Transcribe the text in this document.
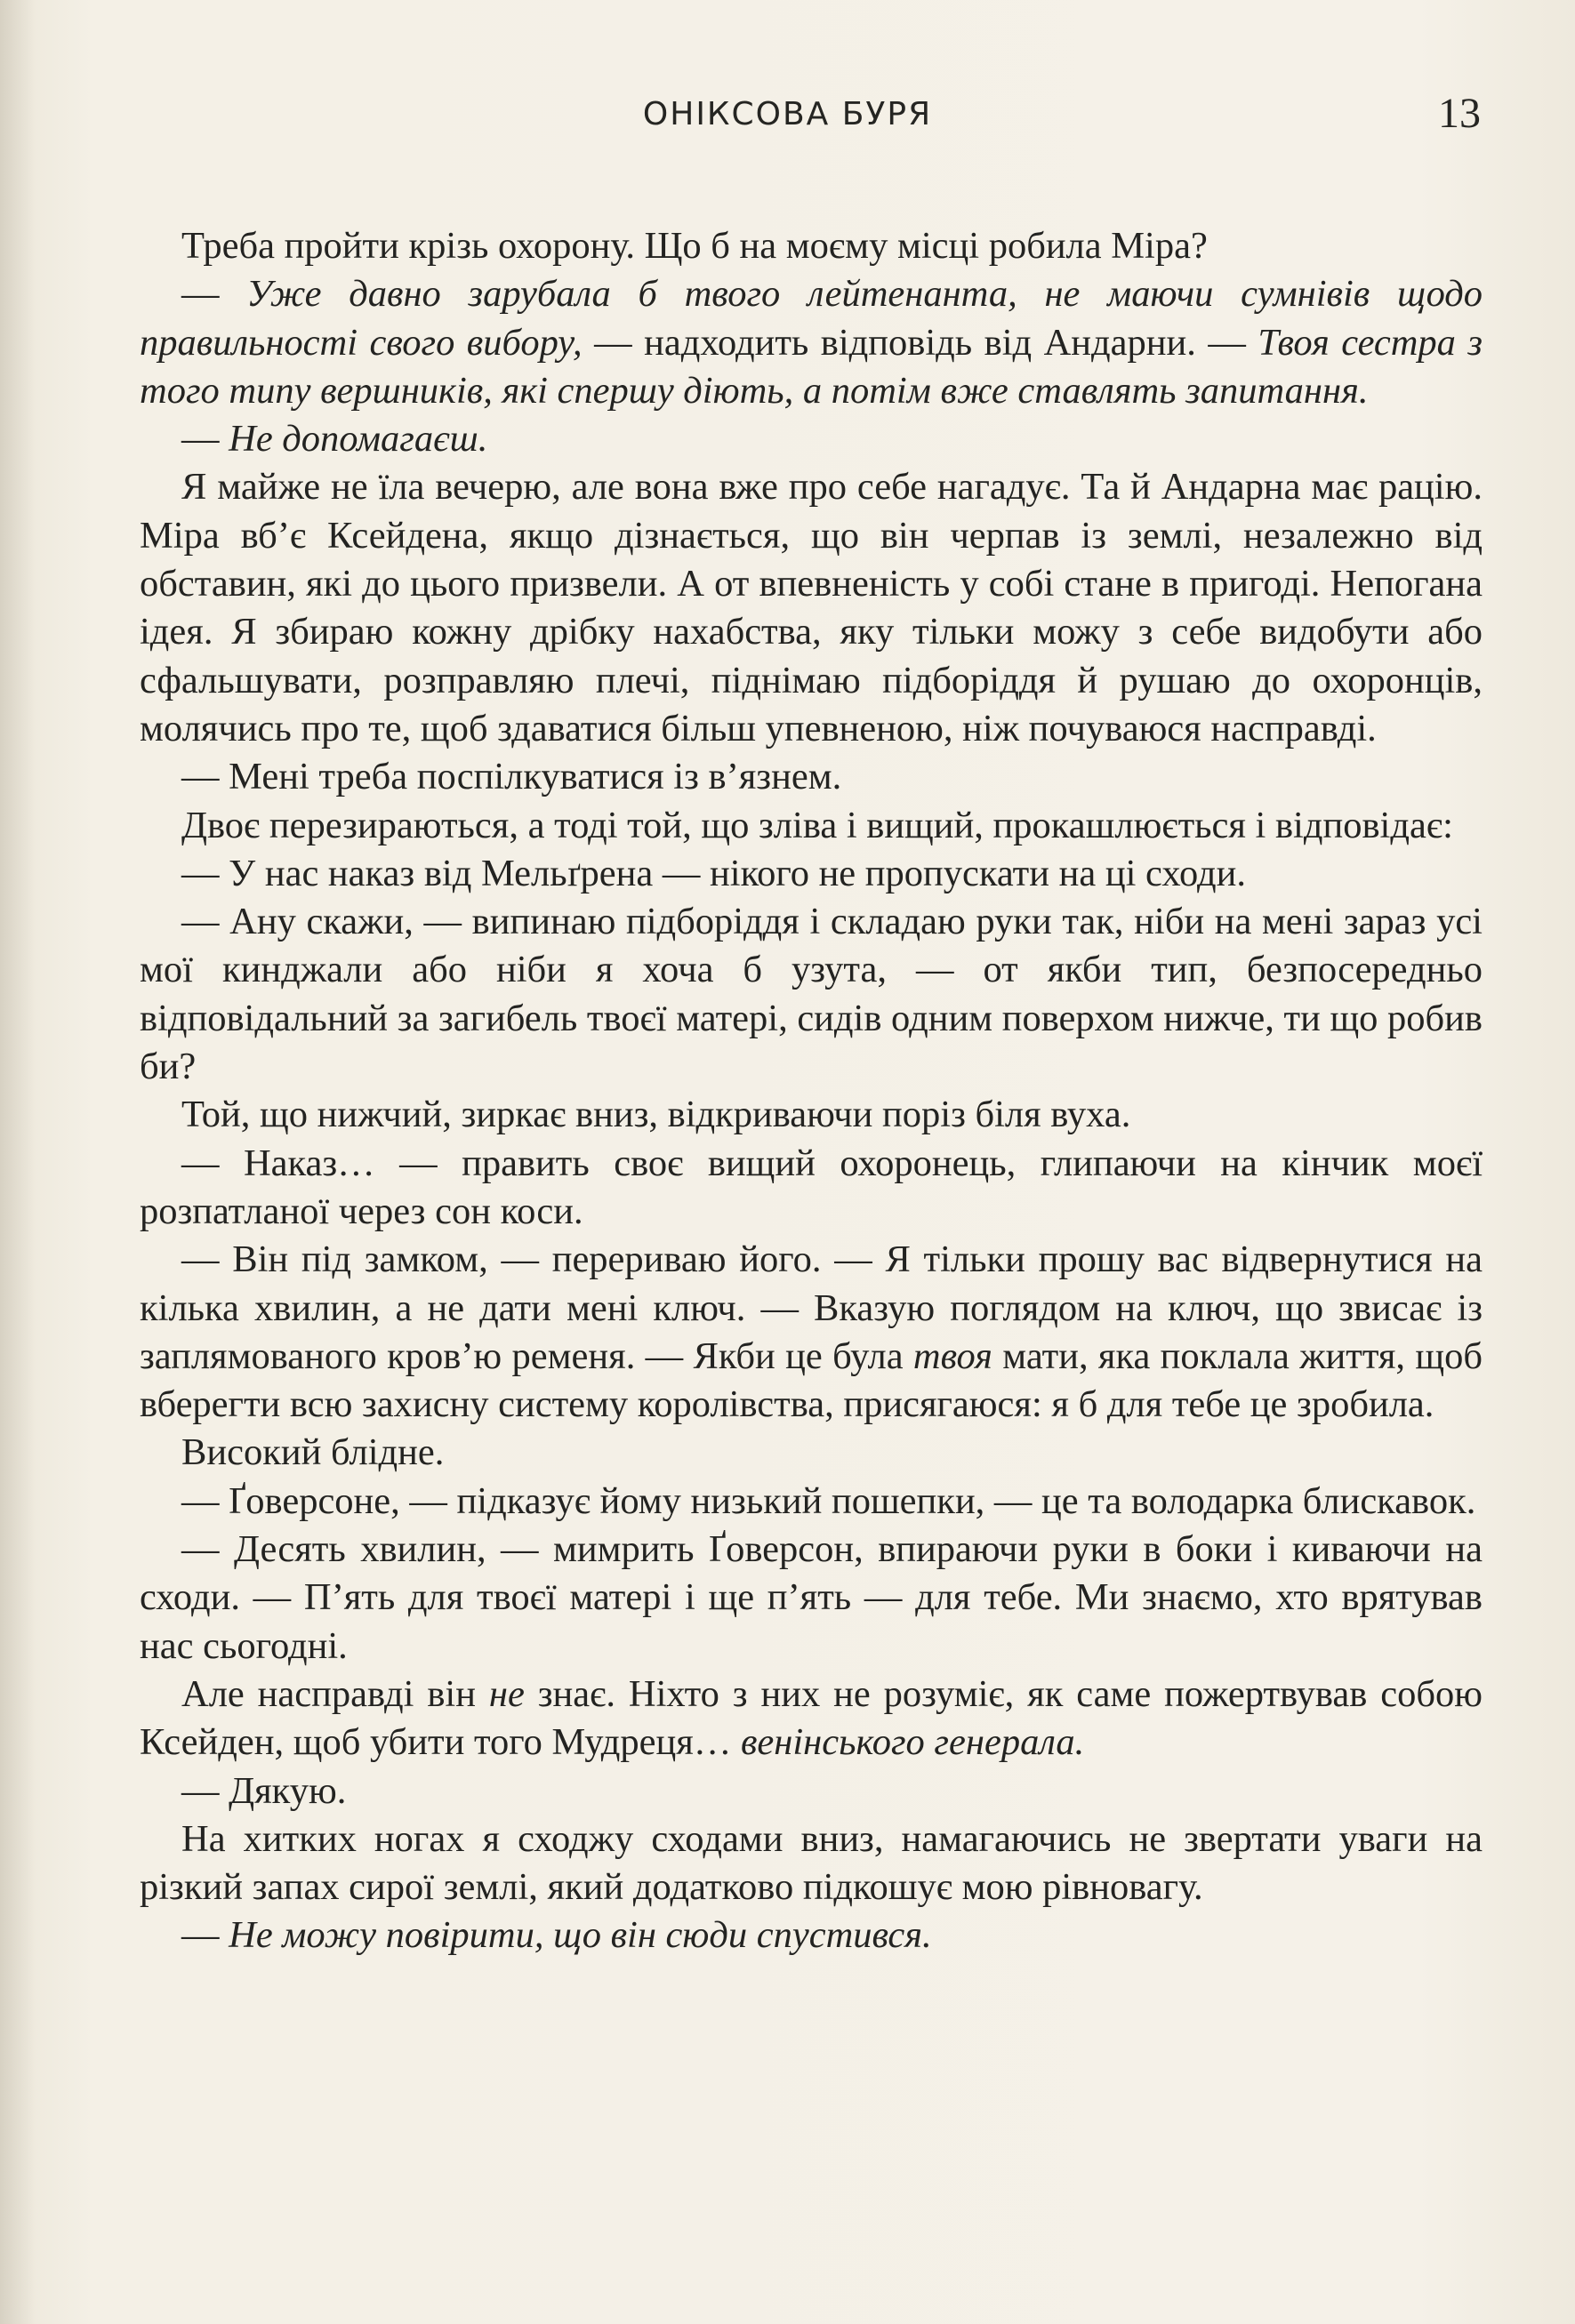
ОНІКСОВА БУРЯ	13

Треба пройти крізь охорону. Що б на моєму місці робила Міра?

— Уже давно зарубала б твого лейтенанта, не маючи сумнівів щодо правильності свого вибору, — надходить відповідь від Андарни. — Твоя сестра з того типу вершників, які спершу діють, а потім вже ставлять запитання.

— Не допомагаєш.

Я майже не їла вечерю, але вона вже про себе нагадує. Та й Андарна має рацію. Міра вб’є Ксейдена, якщо дізнається, що він черпав із землі, незалежно від обставин, які до цього призвели. А от впевненість у собі стане в пригоді. Непогана ідея. Я збираю кожну дрібку нахабства, яку тільки можу з себе видобути або сфальшувати, розправляю плечі, піднімаю підборіддя й рушаю до охоронців, молячись про те, щоб здаватися більш упевненою, ніж почуваюся насправді.

— Мені треба поспілкуватися із в’язнем.

Двоє перезираються, а тоді той, що зліва і вищий, прокашлюється і відповідає:

— У нас наказ від Мельґрена — нікого не пропускати на ці сходи.

— Ану скажи, — випинаю підборіддя і складаю руки так, ніби на мені зараз усі мої кинджали або ніби я хоча б узута, — от якби тип, безпосередньо відповідальний за загибель твоєї матері, сидів одним поверхом нижче, ти що робив би?

Той, що нижчий, зиркає вниз, відкриваючи поріз біля вуха.

— Наказ… — править своє вищий охоронець, глипаючи на кінчик моєї розпатланої через сон коси.

— Він під замком, — перериваю його. — Я тільки прошу вас відвернутися на кілька хвилин, а не дати мені ключ. — Вказую поглядом на ключ, що звисає із заплямованого кров’ю ременя. — Якби це була твоя мати, яка поклала життя, щоб вберегти всю захисну систему королівства, присягаюся: я б для тебе це зробила.

Високий блідне.

— Ґоверсоне, — підказує йому низький пошепки, — це та володарка блискавок.

— Десять хвилин, — мимрить Ґоверсон, впираючи руки в боки і киваючи на сходи. — П’ять для твоєї матері і ще п’ять — для тебе. Ми знаємо, хто врятував нас сьогодні.

Але насправді він не знає. Ніхто з них не розуміє, як саме пожертвував собою Ксейден, щоб убити того Мудреця… венінського генерала.

— Дякую.

На хитких ногах я сходжу сходами вниз, намагаючись не звертати уваги на різкий запах сирої землі, який додатково підкошує мою рівновагу.

— Не можу повірити, що він сюди спустився.
